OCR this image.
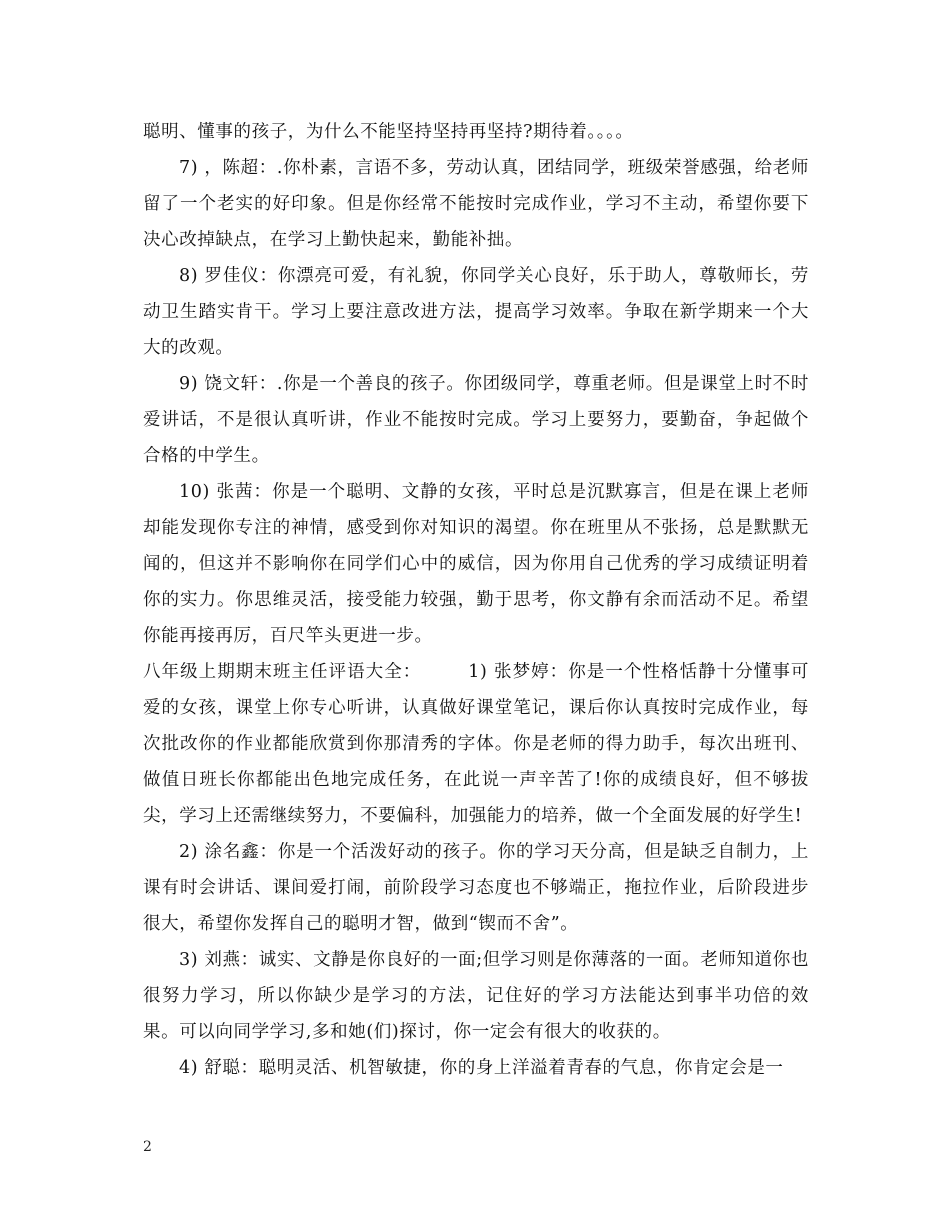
聪明、懂事的孩子，为什么不能坚持坚持再坚持?期待着。。。。

7) ，陈超：.你朴素，言语不多，劳动认真，团结同学，班级荣誉感强，给老师留了一个老实的好印象。但是你经常不能按时完成作业，学习不主动，希望你要下决心改掉缺点，在学习上勤快起来，勤能补拙。

8) 罗佳仪：你漂亮可爱，有礼貌，你同学关心良好，乐于助人，尊敬师长，劳动卫生踏实肯干。学习上要注意改进方法，提高学习效率。争取在新学期来一个大大的改观。

9) 饶文轩：.你是一个善良的孩子。你团级同学，尊重老师。但是课堂上时不时爱讲话，不是很认真听讲，作业不能按时完成。学习上要努力，要勤奋，争起做个合格的中学生。

10) 张茜：你是一个聪明、文静的女孩，平时总是沉默寡言，但是在课上老师却能发现你专注的神情，感受到你对知识的渴望。你在班里从不张扬，总是默默无闻的，但这并不影响你在同学们心中的威信，因为你用自己优秀的学习成绩证明着你的实力。你思维灵活，接受能力较强，勤于思考，你文静有余而活动不足。希望你能再接再厉，百尺竿头更进一步。

八年级上期期末班主任评语大全：　　　1) 张梦婷：你是一个性格恬静十分懂事可爱的女孩，课堂上你专心听讲，认真做好课堂笔记，课后你认真按时完成作业，每次批改你的作业都能欣赏到你那清秀的字体。你是老师的得力助手，每次出班刊、做值日班长你都能出色地完成任务，在此说一声辛苦了!你的成绩良好，但不够拔尖，学习上还需继续努力，不要偏科，加强能力的培养，做一个全面发展的好学生!

2) 涂名鑫：你是一个活泼好动的孩子。你的学习天分高，但是缺乏自制力，上课有时会讲话、课间爱打闹，前阶段学习态度也不够端正，拖拉作业，后阶段进步很大，希望你发挥自己的聪明才智，做到“锲而不舍”。

3) 刘燕：诚实、文静是你良好的一面;但学习则是你薄落的一面。老师知道你也很努力学习，所以你缺少是学习的方法，记住好的学习方法能达到事半功倍的效果。可以向同学学习,多和她(们)探讨，你一定会有很大的收获的。

4) 舒聪：聪明灵活、机智敏捷，你的身上洋溢着青春的气息，你肯定会是一

2
